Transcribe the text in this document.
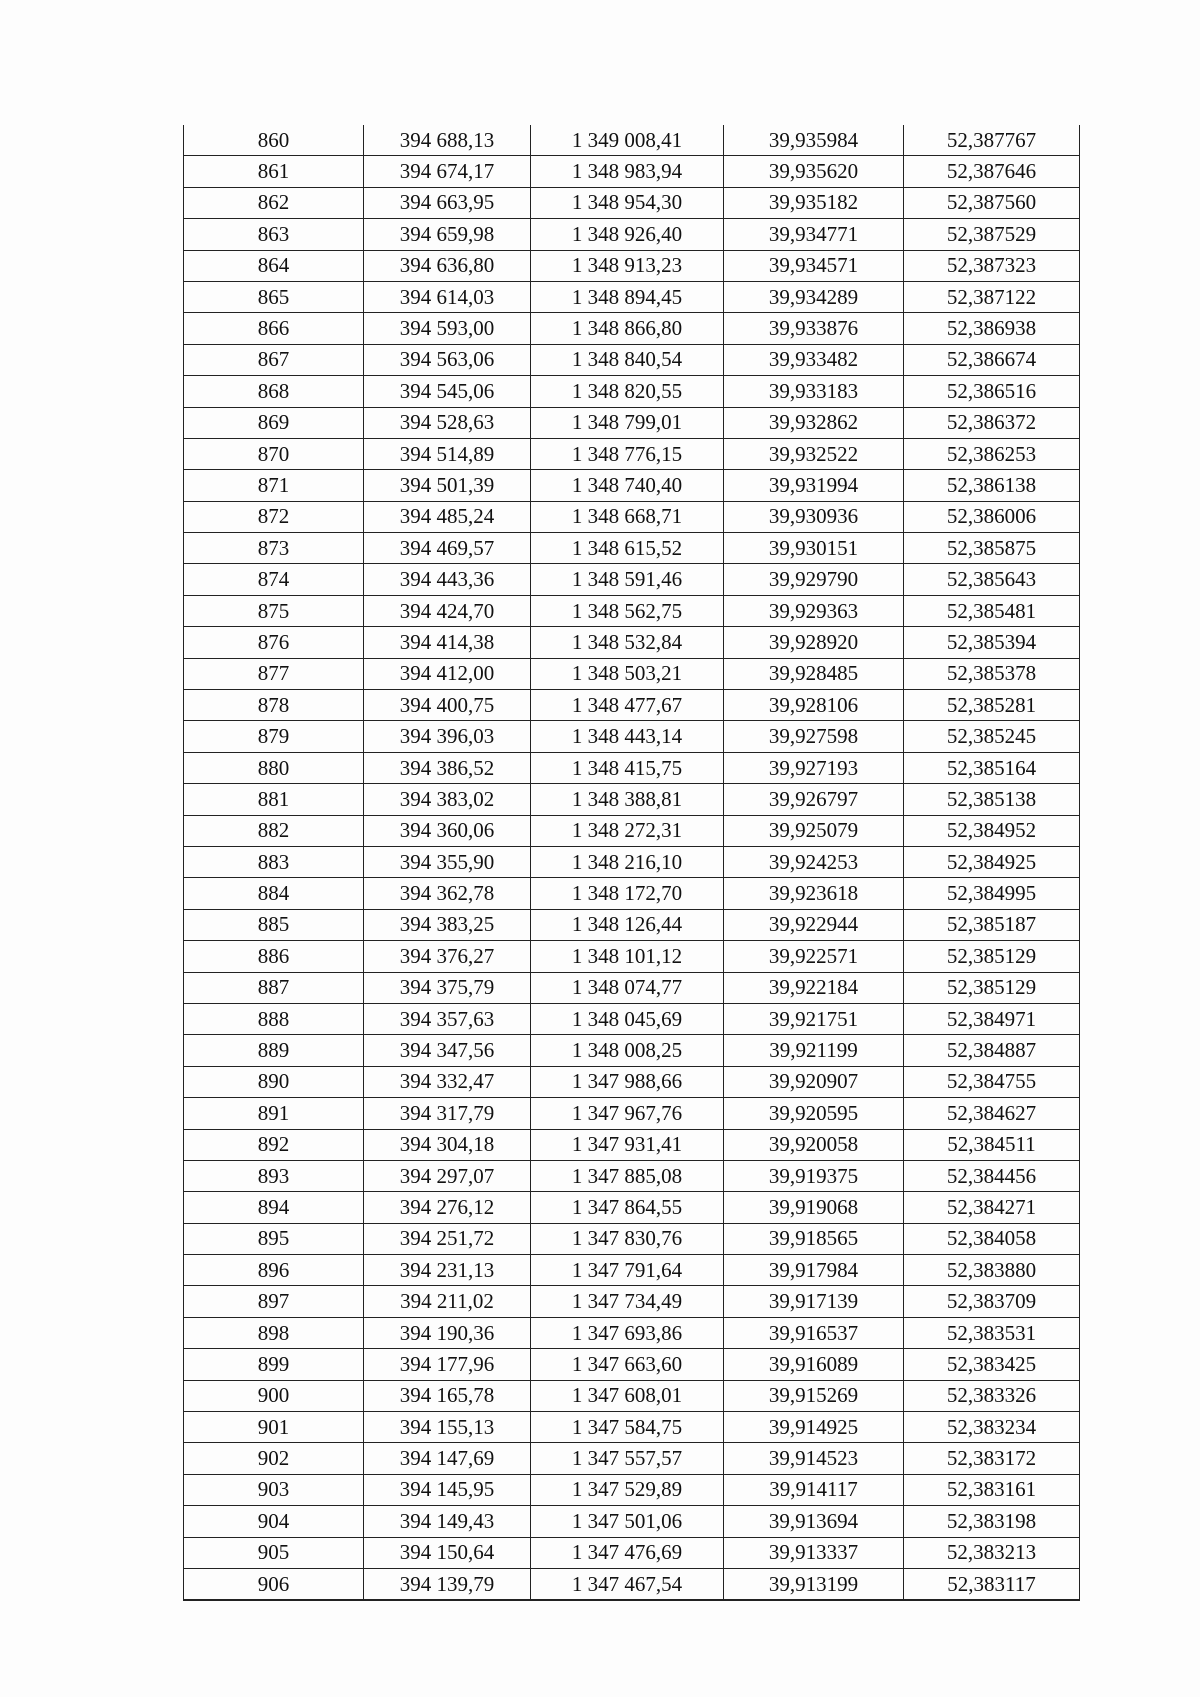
860	394 688,13	1 349 008,41	39,935984	52,387767
861	394 674,17	1 348 983,94	39,935620	52,387646
862	394 663,95	1 348 954,30	39,935182	52,387560
863	394 659,98	1 348 926,40	39,934771	52,387529
864	394 636,80	1 348 913,23	39,934571	52,387323
865	394 614,03	1 348 894,45	39,934289	52,387122
866	394 593,00	1 348 866,80	39,933876	52,386938
867	394 563,06	1 348 840,54	39,933482	52,386674
868	394 545,06	1 348 820,55	39,933183	52,386516
869	394 528,63	1 348 799,01	39,932862	52,386372
870	394 514,89	1 348 776,15	39,932522	52,386253
871	394 501,39	1 348 740,40	39,931994	52,386138
872	394 485,24	1 348 668,71	39,930936	52,386006
873	394 469,57	1 348 615,52	39,930151	52,385875
874	394 443,36	1 348 591,46	39,929790	52,385643
875	394 424,70	1 348 562,75	39,929363	52,385481
876	394 414,38	1 348 532,84	39,928920	52,385394
877	394 412,00	1 348 503,21	39,928485	52,385378
878	394 400,75	1 348 477,67	39,928106	52,385281
879	394 396,03	1 348 443,14	39,927598	52,385245
880	394 386,52	1 348 415,75	39,927193	52,385164
881	394 383,02	1 348 388,81	39,926797	52,385138
882	394 360,06	1 348 272,31	39,925079	52,384952
883	394 355,90	1 348 216,10	39,924253	52,384925
884	394 362,78	1 348 172,70	39,923618	52,384995
885	394 383,25	1 348 126,44	39,922944	52,385187
886	394 376,27	1 348 101,12	39,922571	52,385129
887	394 375,79	1 348 074,77	39,922184	52,385129
888	394 357,63	1 348 045,69	39,921751	52,384971
889	394 347,56	1 348 008,25	39,921199	52,384887
890	394 332,47	1 347 988,66	39,920907	52,384755
891	394 317,79	1 347 967,76	39,920595	52,384627
892	394 304,18	1 347 931,41	39,920058	52,384511
893	394 297,07	1 347 885,08	39,919375	52,384456
894	394 276,12	1 347 864,55	39,919068	52,384271
895	394 251,72	1 347 830,76	39,918565	52,384058
896	394 231,13	1 347 791,64	39,917984	52,383880
897	394 211,02	1 347 734,49	39,917139	52,383709
898	394 190,36	1 347 693,86	39,916537	52,383531
899	394 177,96	1 347 663,60	39,916089	52,383425
900	394 165,78	1 347 608,01	39,915269	52,383326
901	394 155,13	1 347 584,75	39,914925	52,383234
902	394 147,69	1 347 557,57	39,914523	52,383172
903	394 145,95	1 347 529,89	39,914117	52,383161
904	394 149,43	1 347 501,06	39,913694	52,383198
905	394 150,64	1 347 476,69	39,913337	52,383213
906	394 139,79	1 347 467,54	39,913199	52,383117
